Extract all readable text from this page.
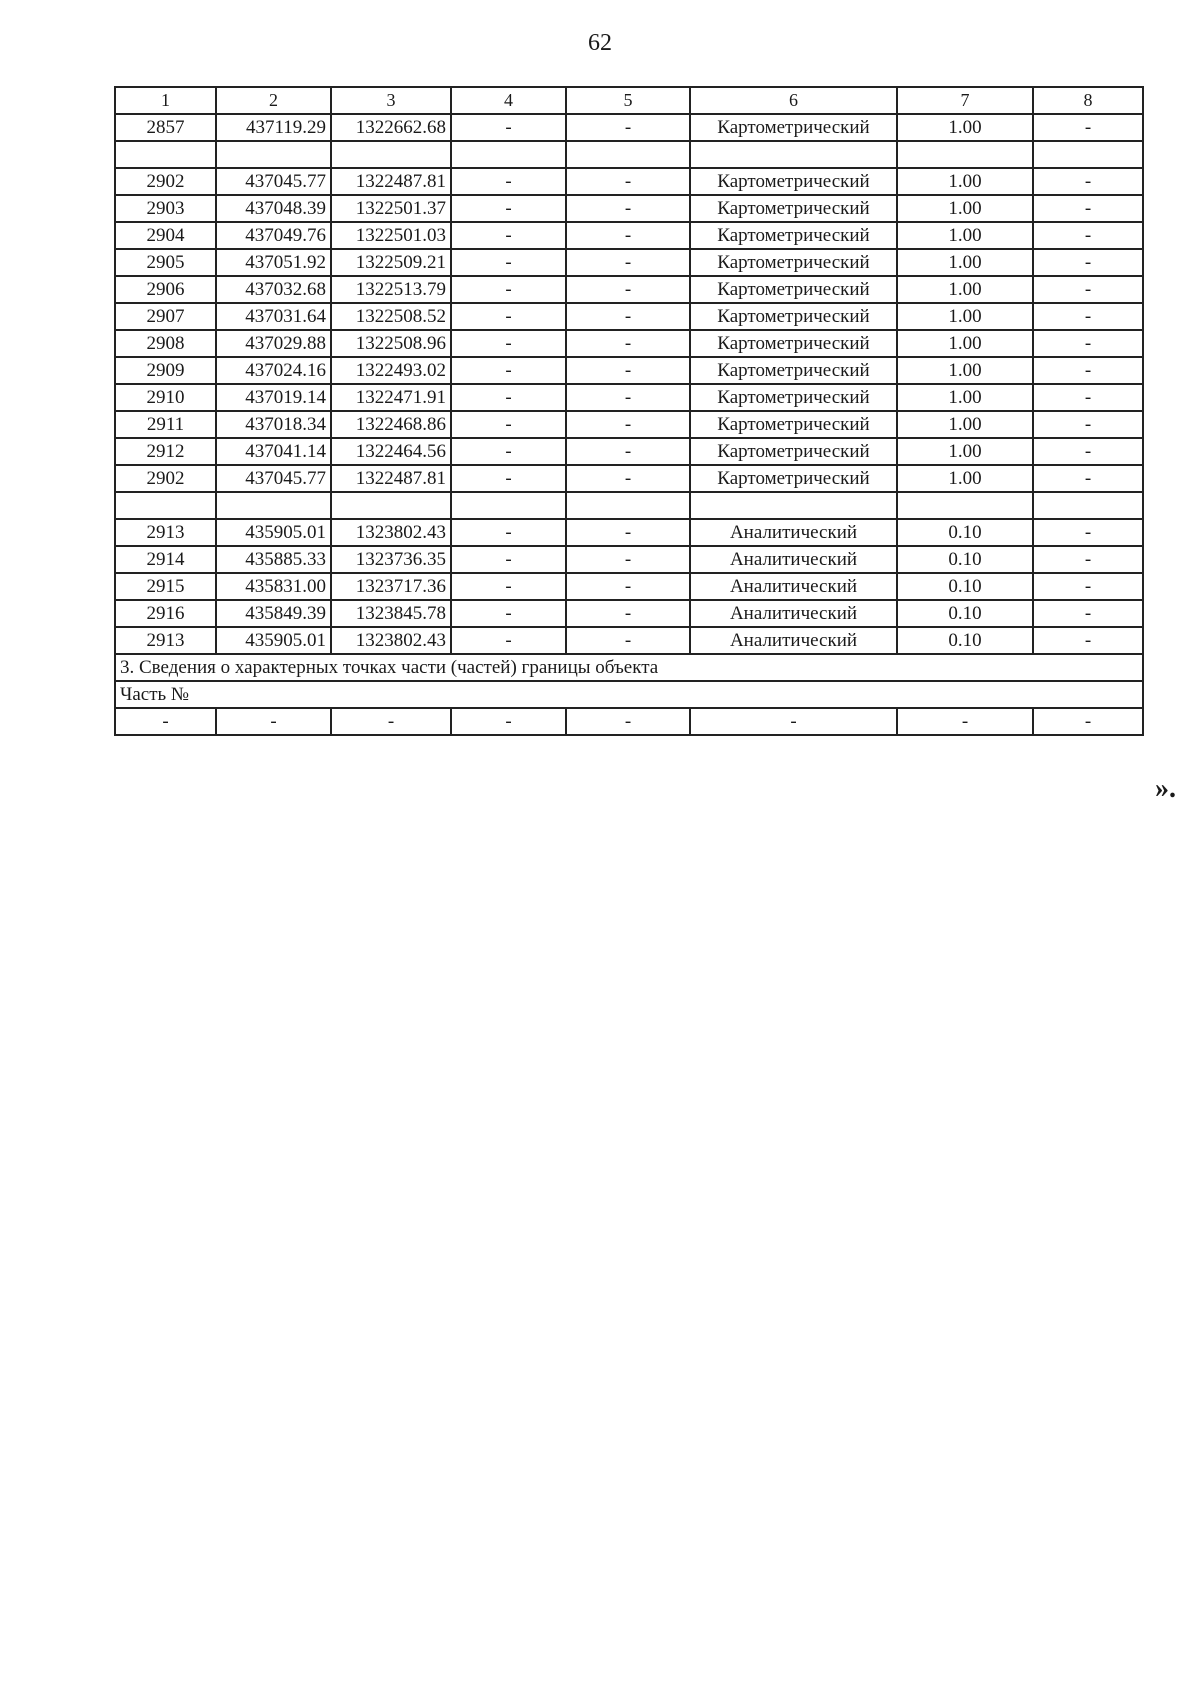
62
1	2	3	4	5	6	7	8
2857	437119.29	1322662.68	-	-	Картометрический	1.00	-

2902	437045.77	1322487.81	-	-	Картометрический	1.00	-
2903	437048.39	1322501.37	-	-	Картометрический	1.00	-
2904	437049.76	1322501.03	-	-	Картометрический	1.00	-
2905	437051.92	1322509.21	-	-	Картометрический	1.00	-
2906	437032.68	1322513.79	-	-	Картометрический	1.00	-
2907	437031.64	1322508.52	-	-	Картометрический	1.00	-
2908	437029.88	1322508.96	-	-	Картометрический	1.00	-
2909	437024.16	1322493.02	-	-	Картометрический	1.00	-
2910	437019.14	1322471.91	-	-	Картометрический	1.00	-
2911	437018.34	1322468.86	-	-	Картометрический	1.00	-
2912	437041.14	1322464.56	-	-	Картометрический	1.00	-
2902	437045.77	1322487.81	-	-	Картометрический	1.00	-

2913	435905.01	1323802.43	-	-	Аналитический	0.10	-
2914	435885.33	1323736.35	-	-	Аналитический	0.10	-
2915	435831.00	1323717.36	-	-	Аналитический	0.10	-
2916	435849.39	1323845.78	-	-	Аналитический	0.10	-
2913	435905.01	1323802.43	-	-	Аналитический	0.10	-
3. Сведения о характерных точках части (частей) границы объекта							
Часть №							
-	-	-	-	-	-	-	-
».
